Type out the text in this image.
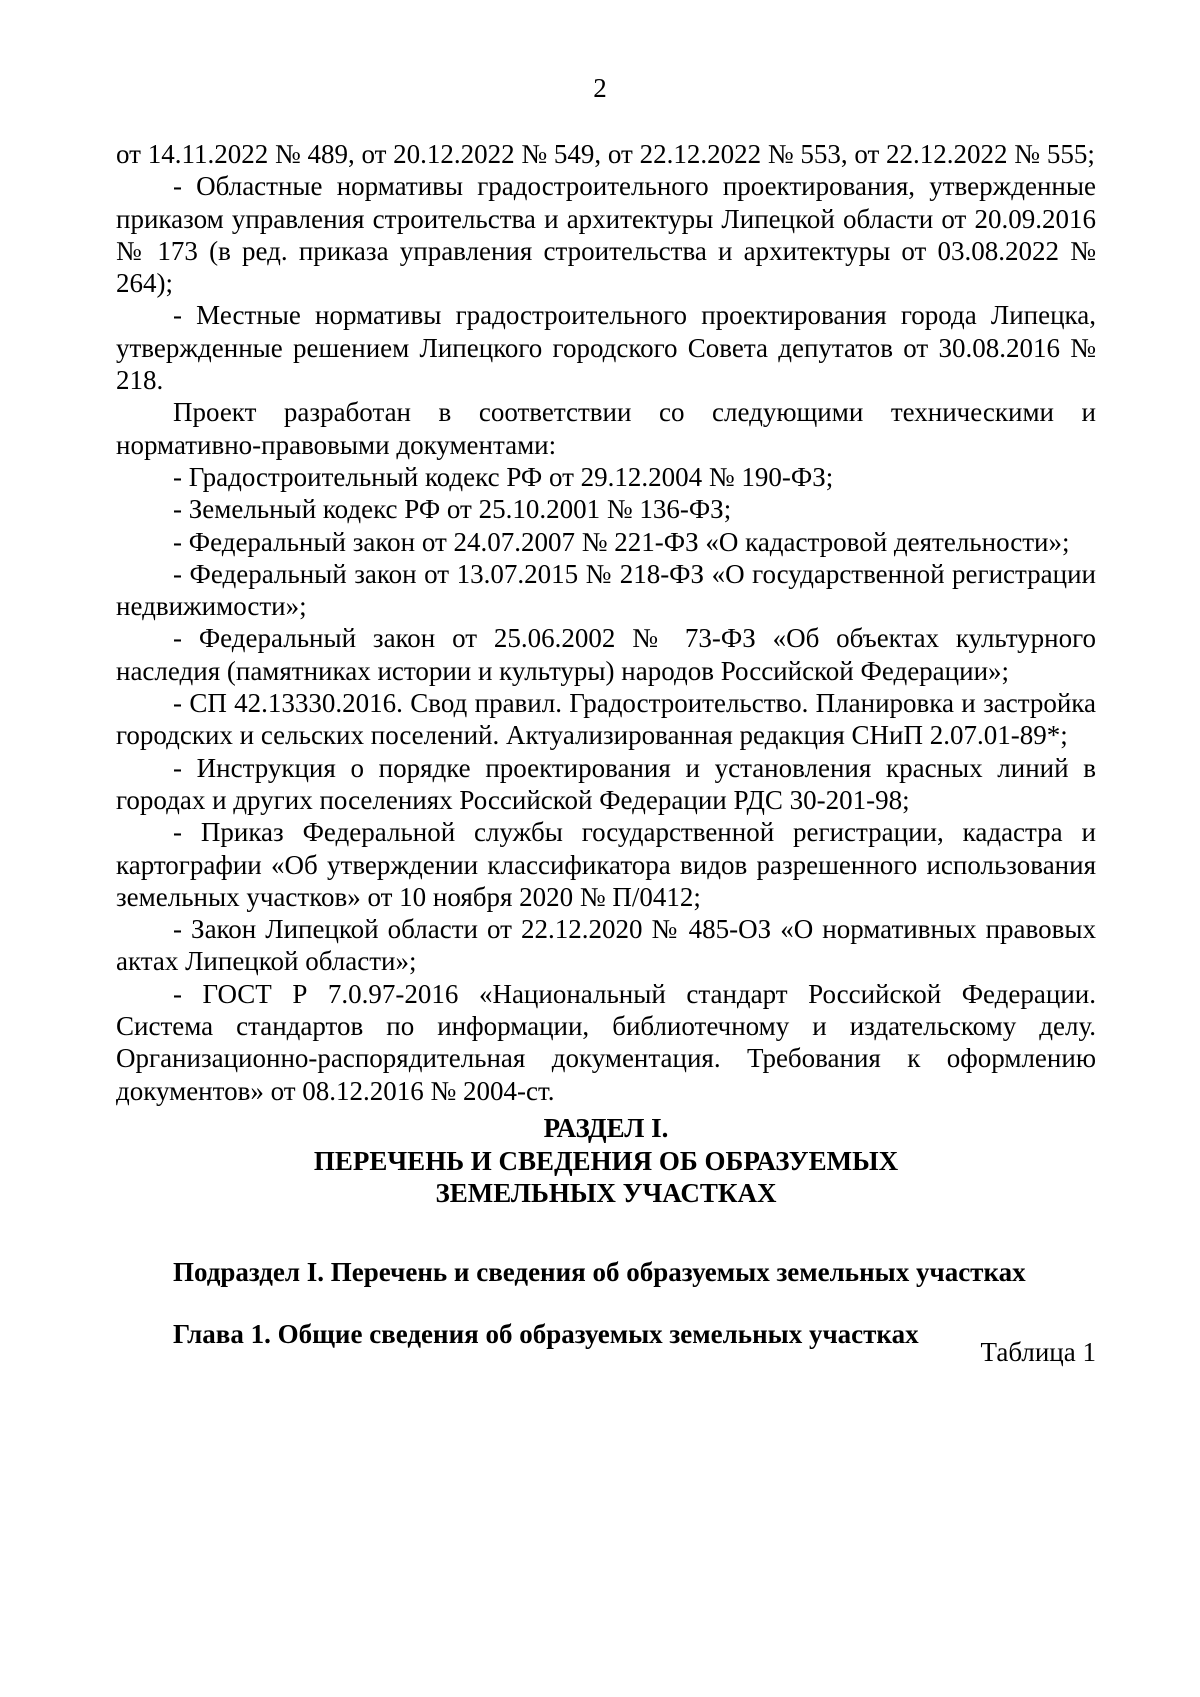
2

от 14.11.2022 № 489, от 20.12.2022 № 549, от 22.12.2022 № 553, от 22.12.2022 № 555;

- Областные нормативы градостроительного проектирования, утвержденные приказом управления строительства и архитектуры Липецкой области от 20.09.2016 № 173 (в ред. приказа управления строительства и архитектуры от 03.08.2022 № 264);

- Местные нормативы градостроительного проектирования города Липецка, утвержденные решением Липецкого городского Совета депутатов от 30.08.2016 № 218.

Проект разработан в соответствии со следующими техническими и нормативно-правовыми документами:

- Градостроительный кодекс РФ от 29.12.2004 № 190-ФЗ;

- Земельный кодекс РФ от 25.10.2001 № 136-ФЗ;

- Федеральный закон от 24.07.2007 № 221-ФЗ «О кадастровой деятельности»;

- Федеральный закон от 13.07.2015 № 218-ФЗ «О государственной регистрации недвижимости»;

- Федеральный закон от 25.06.2002 № 73-ФЗ «Об объектах культурного наследия (памятниках истории и культуры) народов Российской Федерации»;

- СП 42.13330.2016. Свод правил. Градостроительство. Планировка и застройка городских и сельских поселений. Актуализированная редакция СНиП 2.07.01-89*;

- Инструкция о порядке проектирования и установления красных линий в городах и других поселениях Российской Федерации РДС 30-201-98;

- Приказ Федеральной службы государственной регистрации, кадастра и картографии «Об утверждении классификатора видов разрешенного использования земельных участков» от 10 ноября 2020 № П/0412;

- Закон Липецкой области от 22.12.2020 № 485-ОЗ «О нормативных правовых актах Липецкой области»;

- ГОСТ Р 7.0.97-2016 «Национальный стандарт Российской Федерации. Система стандартов по информации, библиотечному и издательскому делу. Организационно-распорядительная документация. Требования к оформлению документов» от 08.12.2016 № 2004-ст.

РАЗДЕЛ I.
ПЕРЕЧЕНЬ И СВЕДЕНИЯ ОБ ОБРАЗУЕМЫХ
ЗЕМЕЛЬНЫХ УЧАСТКАХ
Подраздел I. Перечень и сведения об образуемых земельных участках
Глава 1. Общие сведения об образуемых земельных участках
Таблица 1
